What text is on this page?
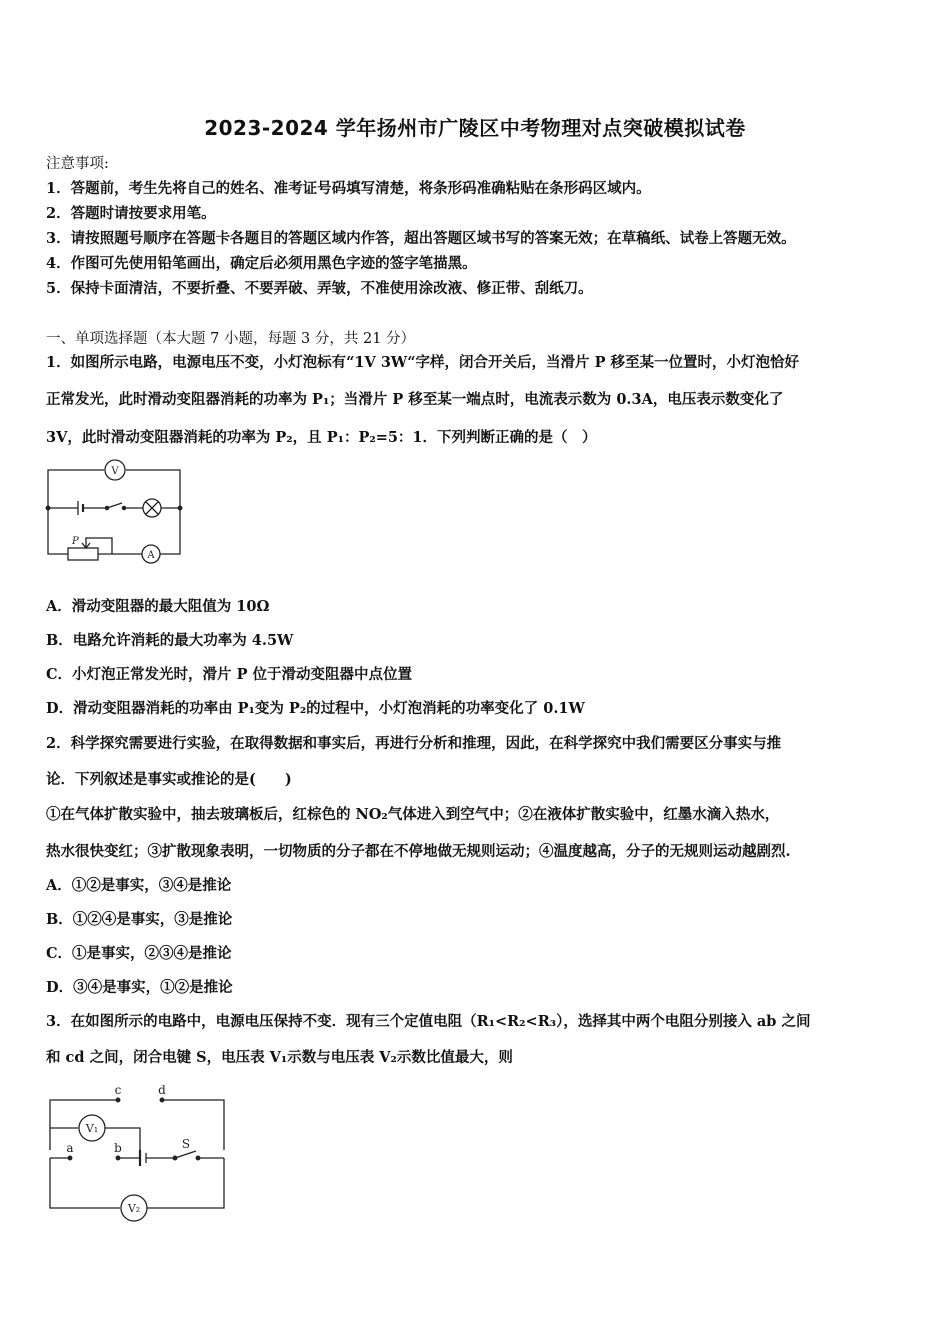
2023-2024 学年扬州市广陵区中考物理对点突破模拟试卷
注意事项:
1．答题前，考生先将自己的姓名、准考证号码填写清楚，将条形码准确粘贴在条形码区域内。
2．答题时请按要求用笔。
3．请按照题号顺序在答题卡各题目的答题区域内作答，超出答题区域书写的答案无效；在草稿纸、试卷上答题无效。
4．作图可先使用铅笔画出，确定后必须用黑色字迹的签字笔描黑。
5．保持卡面清洁，不要折叠、不要弄破、弄皱，不准使用涂改液、修正带、刮纸刀。
一、单项选择题（本大题 7 小题，每题 3 分，共 21 分）
1．如图所示电路，电源电压不变，小灯泡标有“1V 3W“字样，闭合开关后，当滑片 P 移至某一位置时，小灯泡恰好
正常发光，此时滑动变阻器消耗的功率为 P₁；当滑片 P 移至某一端点时，电流表示数为 0.3A，电压表示数变化了
3V，此时滑动变阻器消耗的功率为 P₂，且 P₁：P₂=5：1．下列判断正确的是（　）
V
A
P
A．滑动变阻器的最大阻值为 10Ω
B．电路允许消耗的最大功率为 4.5W
C．小灯泡正常发光时，滑片 P 位于滑动变阻器中点位置
D．滑动变阻器消耗的功率由 P₁变为 P₂的过程中，小灯泡消耗的功率变化了 0.1W
2．科学探究需要进行实验，在取得数据和事实后，再进行分析和推理，因此，在科学探究中我们需要区分事实与推
论．下列叙述是事实或推论的是(　　)
①在气体扩散实验中，抽去玻璃板后，红棕色的 NO₂气体进入到空气中；②在液体扩散实验中，红墨水滴入热水，
热水很快变红；③扩散现象表明，一切物质的分子都在不停地做无规则运动；④温度越高，分子的无规则运动越剧烈.
A．①②是事实，③④是推论
B．①②④是事实，③是推论
C．①是事实，②③④是推论
D．③④是事实，①②是推论
3．在如图所示的电路中，电源电压保持不变．现有三个定值电阻（R₁<R₂<R₃），选择其中两个电阻分别接入 ab 之间
和 cd 之间，闭合电键 S，电压表 V₁示数与电压表 V₂示数比值最大，则
c	d
a	b	S
V₁
V₂
